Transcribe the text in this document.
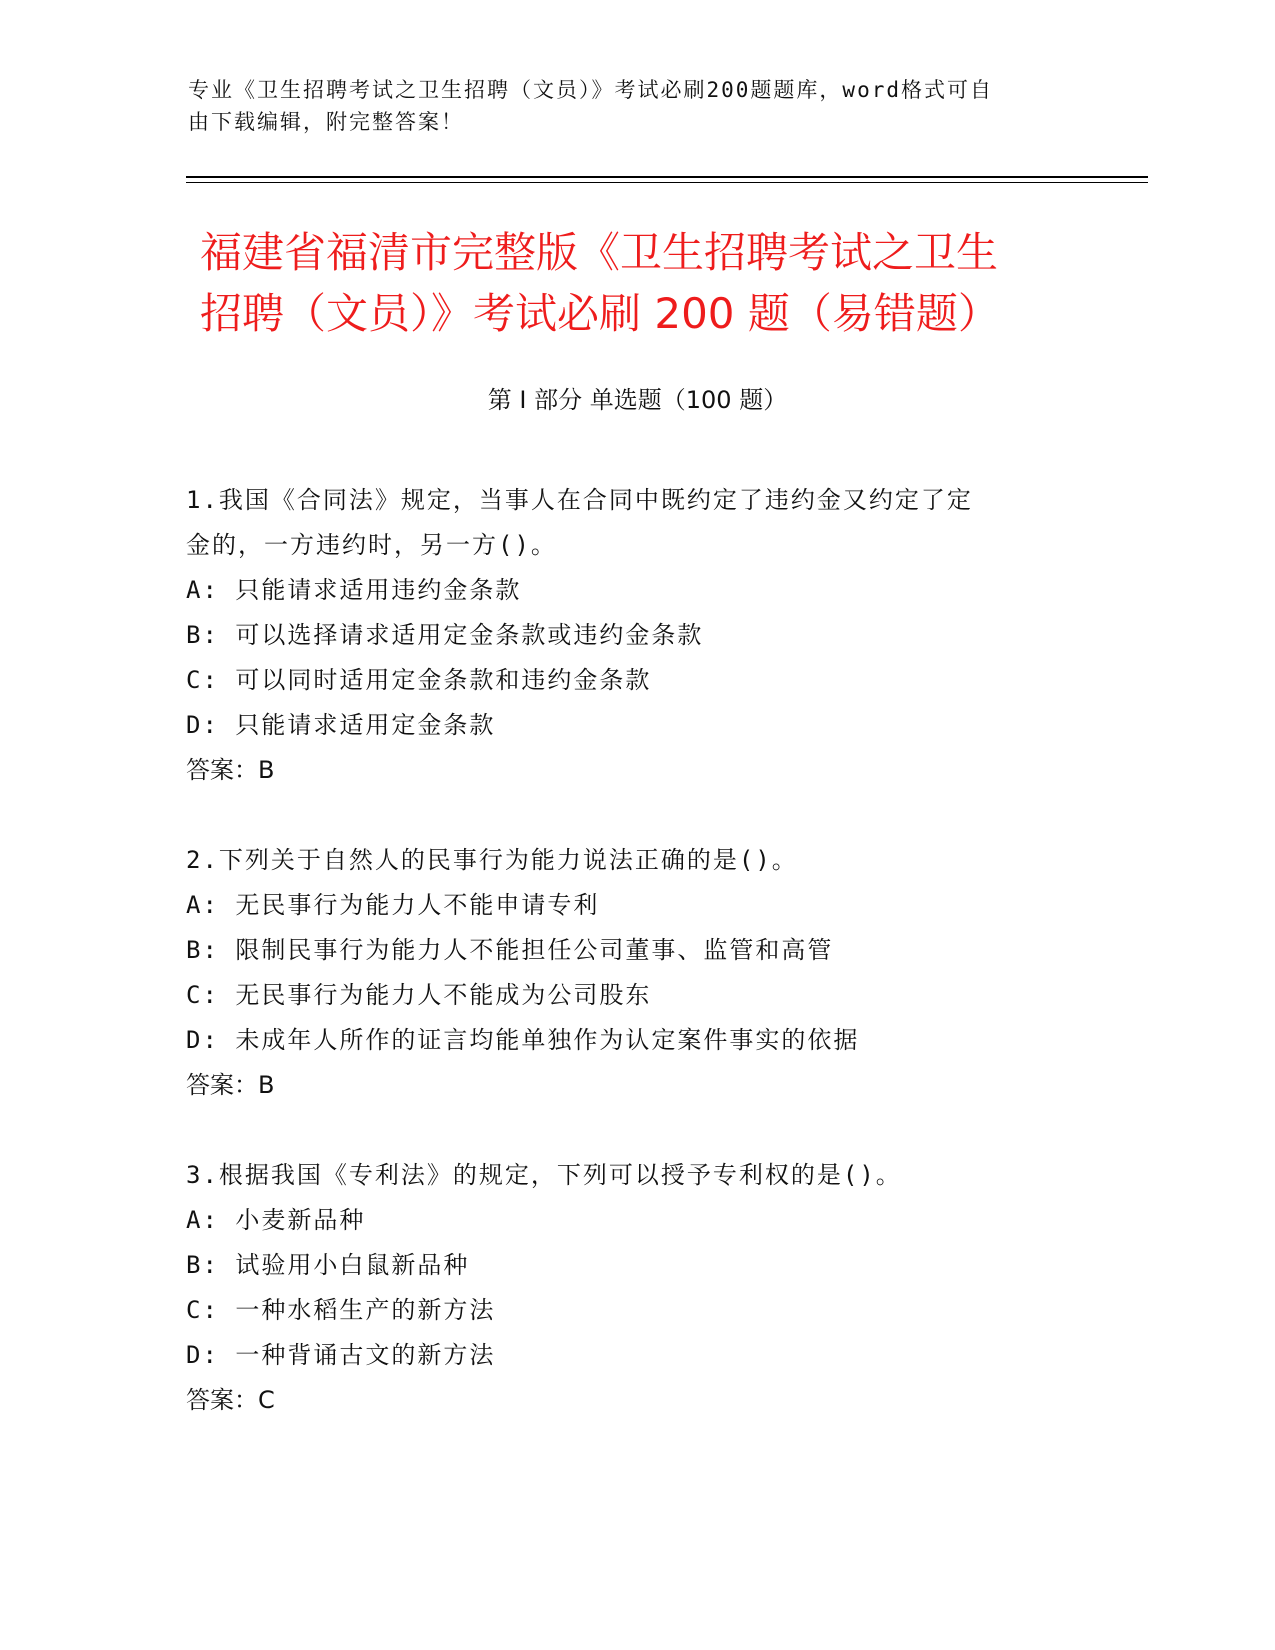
专业《卫生招聘考试之卫生招聘（文员）》考试必刷200题题库，word格式可自
由下载编辑，附完整答案！
福建省福清市完整版《卫生招聘考试之卫生
招聘（文员）》考试必刷 200 题（易错题）
第 I 部分 单选题（100 题）
1.我国《合同法》规定，当事人在合同中既约定了违约金又约定了定
金的，一方违约时，另一方()。
A: 只能请求适用违约金条款
B: 可以选择请求适用定金条款或违约金条款
C: 可以同时适用定金条款和违约金条款
D: 只能请求适用定金条款
答案：B
2.下列关于自然人的民事行为能力说法正确的是()。
A: 无民事行为能力人不能申请专利
B: 限制民事行为能力人不能担任公司董事、监管和高管
C: 无民事行为能力人不能成为公司股东
D: 未成年人所作的证言均能单独作为认定案件事实的依据
答案：B
3.根据我国《专利法》的规定，下列可以授予专利权的是()。
A: 小麦新品种
B: 试验用小白鼠新品种
C: 一种水稻生产的新方法
D: 一种背诵古文的新方法
答案：C
